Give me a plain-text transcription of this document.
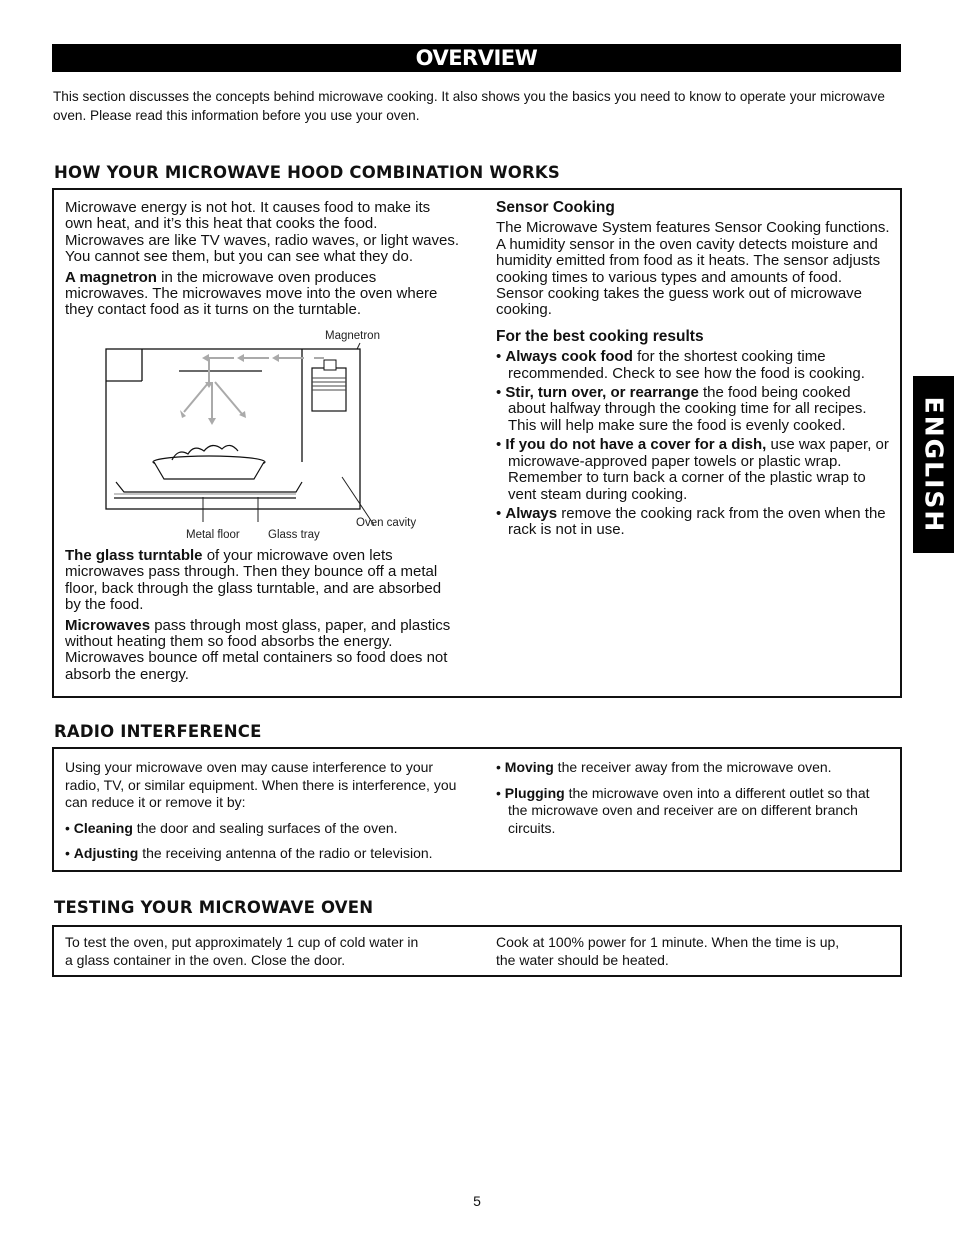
OVERVIEW
This section discusses the concepts behind microwave cooking. It also shows you the basics you need to know to operate your microwave oven. Please read this information before you use your oven.
ENGLISH
HOW YOUR MICROWAVE HOOD COMBINATION WORKS

Microwave energy is not hot. It causes food to make its own heat, and it’s this heat that cooks the food. Microwaves are like TV waves, radio waves, or light waves. You cannot see them, but you can see what they do.

A magnetron in the microwave oven produces microwaves. The microwaves move into the oven where they contact food as it turns on the turntable.

Magnetron
Metal floor Glass tray
Oven cavity

The glass turntable of your microwave oven lets microwaves pass through. Then they bounce off a metal floor, back through the glass turntable, and are absorbed by the food.

Microwaves pass through most glass, paper, and plastics without heating them so food absorbs the energy. Microwaves bounce off metal containers so food does not absorb the energy.

Sensor Cooking

The Microwave System features Sensor Cooking functions. A humidity sensor in the oven cavity detects moisture and humidity emitted from food as it heats. The sensor adjusts cooking times to various types and amounts of food. Sensor cooking takes the guess work out of microwave cooking.

For the best cooking results
• Always cook food for the shortest cooking time recommended. Check to see how the food is cooking.
• Stir, turn over, or rearrange the food being cooked about halfway through the cooking time for all recipes. This will help make sure the food is evenly cooked.
• If you do not have a cover for a dish, use wax paper, or microwave-approved paper towels or plastic wrap. Remember to turn back a corner of the plastic wrap to vent steam during cooking.
• Always remove the cooking rack from the oven when the rack is not in use.
RADIO INTERFERENCE

Using your microwave oven may cause interference to your radio, TV, or similar equipment. When there is interference, you can reduce it or remove it by:

• Cleaning the door and sealing surfaces of the oven.

• Adjusting the receiving antenna of the radio or television.

• Moving the receiver away from the microwave oven.

• Plugging the microwave oven into a different outlet so that the microwave oven and receiver are on different branch circuits.

TESTING YOUR MICROWAVE OVEN

To test the oven, put approximately 1 cup of cold water in a glass container in the oven. Close the door.

Cook at 100% power for 1 minute. When the time is up, the water should be heated.

5
